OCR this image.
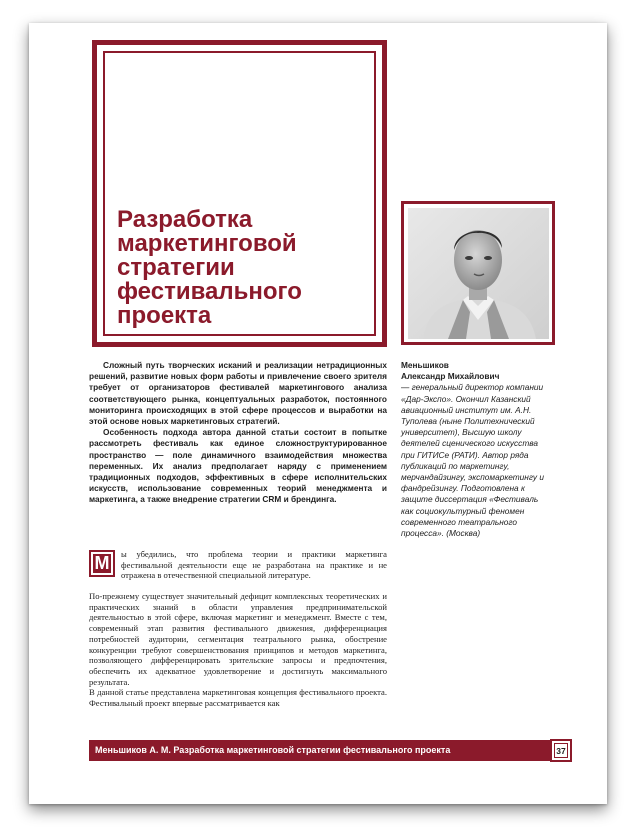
Разработка
маркетинговой
стратегии
фестивального
проекта

Сложный путь творческих исканий и реализации нетрадиционных решений, развитие новых форм работы и привлечение своего зрителя требует от организаторов фестивалей маркетингового анализа соответствующего рынка, концептуальных разработок, постоянного мониторинга происходящих в этой сфере процессов и выработки на этой основе новых маркетинговых стратегий.

Особенность подхода автора данной статьи состоит в попытке рассмотреть фестиваль как единое сложноструктурированное пространство — поле динамичного взаимодействия множества переменных. Их анализ предполагает наряду с применением традиционных подходов, эффективных в сфере исполнительских искусств, использование современных теорий менеджмента и маркетинга, а также внедрение стратегии CRM и брендинга.

Меньшиков
Александр Михайлович

— генеральный директор компании «Дар-Экспо». Окончил Казанский авиационный институт им. А.Н. Туполева (ныне Политехнический университет), Высшую школу деятелей сценического искусства при ГИТИСе (РАТИ). Автор ряда публикаций по маркетингу, мерчандайзингу, экспомаркетингу и фандрейзингу. Подготовлена к защите диссертация «Фестиваль как социокультурный феномен современного театрального процесса». (Москва)

М ы убедились, что проблема теории и практики маркетинга фестивальной деятельности еще не разработана на практике и не отражена в отечественной специальной литературе.

По-прежнему существует значительный дефицит комплексных теоретических и практических знаний в области управления предпринимательской деятельностью в этой сфере, включая маркетинг и менеджмент. Вместе с тем, современный этап развития фестивального движения, дифференциация потребностей аудитории, сегментация театрального рынка, обострение конкуренции требуют совершенствования принципов и методов маркетинга, позволяющего дифференцировать зрительские запросы и предпочтения, обеспечить их адекватное удовлетворение и достигнуть максимального результата.

В данной статье представлена маркетинговая концепция фестивального проекта. Фестивальный проект впервые рассматривается как

Меньшиков А. М. Разработка маркетинговой стратегии фестивального проекта	37
